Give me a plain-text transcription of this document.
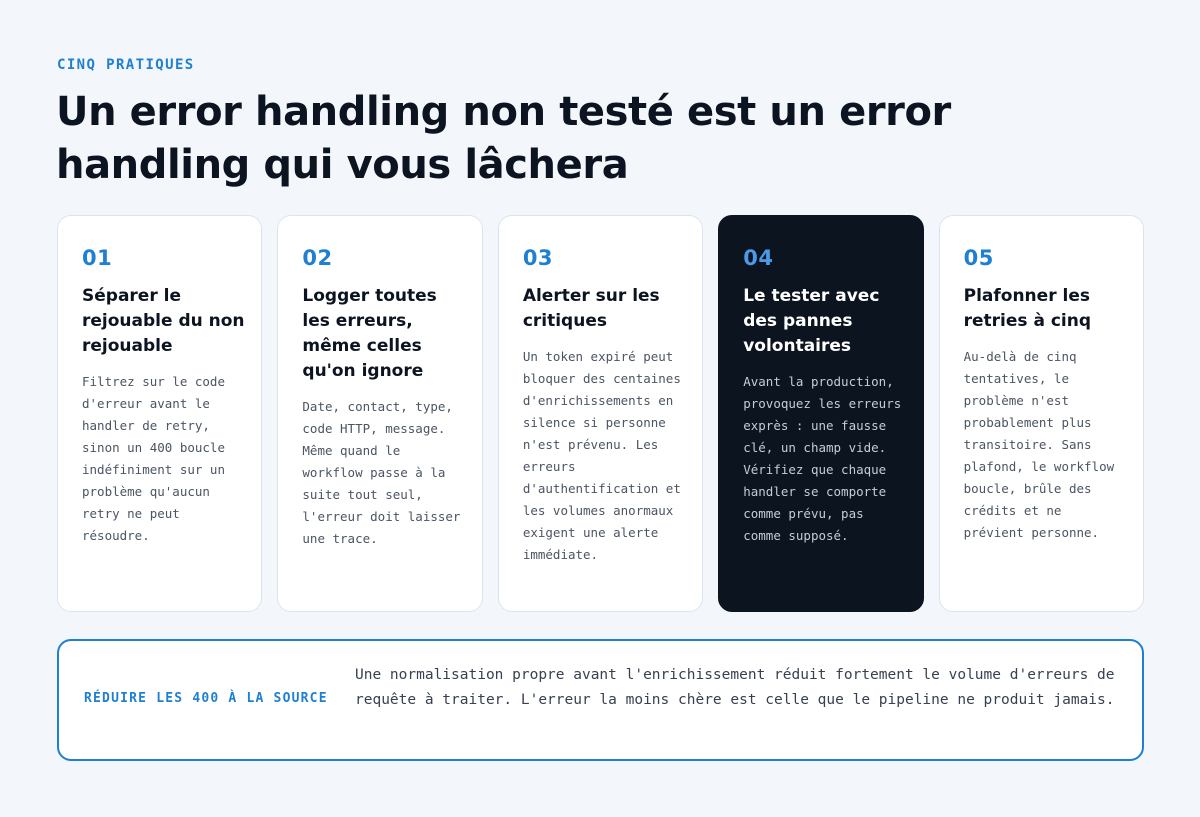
CINQ PRATIQUES
Un error handling non testé est un error handling qui vous lâchera
01
Séparer le rejouable du non rejouable
Filtrez sur le code d'erreur avant le handler de retry, sinon un 400 boucle indéfiniment sur un problème qu'aucun retry ne peut résoudre.
02
Logger toutes les erreurs, même celles qu'on ignore
Date, contact, type, code HTTP, message. Même quand le workflow passe à la suite tout seul, l'erreur doit laisser une trace.
03
Alerter sur les critiques
Un token expiré peut bloquer des centaines d'enrichissements en silence si personne n'est prévenu. Les erreurs d'authentification et les volumes anormaux exigent une alerte immédiate.
04
Le tester avec des pannes volontaires
Avant la production, provoquez les erreurs exprès : une fausse clé, un champ vide. Vérifiez que chaque handler se comporte comme prévu, pas comme supposé.
05
Plafonner les retries à cinq
Au-delà de cinq tentatives, le problème n'est probablement plus transitoire. Sans plafond, le workflow boucle, brûle des crédits et ne prévient personne.
RÉDUIRE LES 400 À LA SOURCE
Une normalisation propre avant l'enrichissement réduit fortement le volume d'erreurs de requête à traiter. L'erreur la moins chère est celle que le pipeline ne produit jamais.
